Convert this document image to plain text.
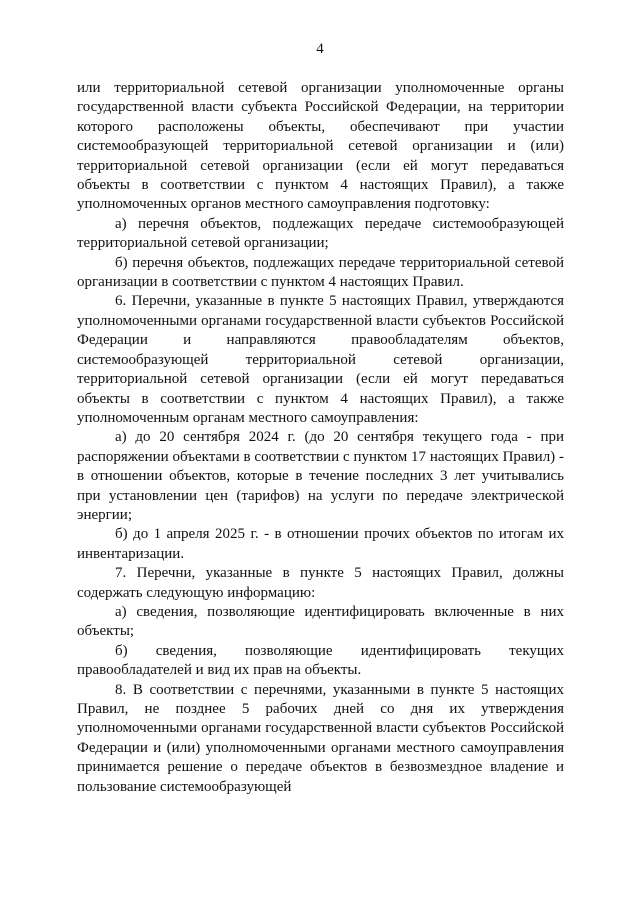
4

или территориальной сетевой организации уполномоченные органы государственной власти субъекта Российской Федерации, на территории которого расположены объекты, обеспечивают при участии системообразующей территориальной сетевой организации и (или) территориальной сетевой организации (если ей могут передаваться объекты в соответствии с пунктом 4 настоящих Правил), а также уполномоченных органов местного самоуправления подготовку:

а) перечня объектов, подлежащих передаче системообразующей территориальной сетевой организации;

б) перечня объектов, подлежащих передаче территориальной сетевой организации в соответствии с пунктом 4 настоящих Правил.

6. Перечни, указанные в пункте 5 настоящих Правил, утверждаются уполномоченными органами государственной власти субъектов Российской Федерации и направляются правообладателям объектов, системообразующей территориальной сетевой организации, территориальной сетевой организации (если ей могут передаваться объекты в соответствии с пунктом 4 настоящих Правил), а также уполномоченным органам местного самоуправления:

а) до 20 сентября 2024 г. (до 20 сентября текущего года - при распоряжении объектами в соответствии с пунктом 17 настоящих Правил) - в отношении объектов, которые в течение последних 3 лет учитывались при установлении цен (тарифов) на услуги по передаче электрической энергии;

б) до 1 апреля 2025 г. - в отношении прочих объектов по итогам их инвентаризации.

7. Перечни, указанные в пункте 5 настоящих Правил, должны содержать следующую информацию:

а) сведения, позволяющие идентифицировать включенные в них объекты;

б) сведения, позволяющие идентифицировать текущих правообладателей и вид их прав на объекты.

8. В соответствии с перечнями, указанными в пункте 5 настоящих Правил, не позднее 5 рабочих дней со дня их утверждения уполномоченными органами государственной власти субъектов Российской Федерации и (или) уполномоченными органами местного самоуправления принимается решение о передаче объектов в безвозмездное владение и пользование системообразующей
